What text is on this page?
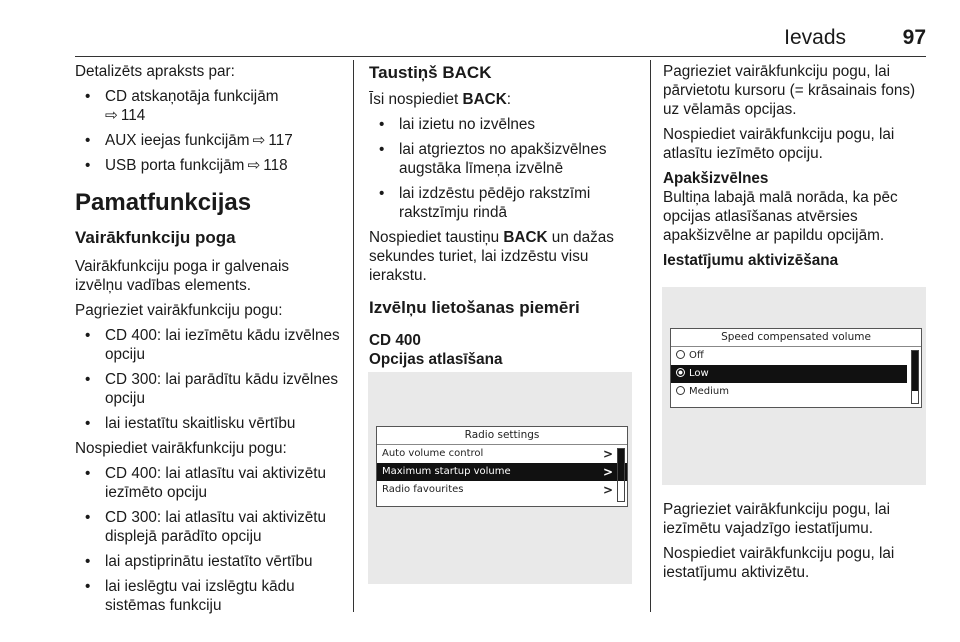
Ievads	97

Detalizēts apraksts par:

• CD atskaņotāja funkcijām
⇨ 114
• AUX ieejas funkcijām ⇨ 117
• USB porta funkcijām ⇨ 118
Pamatfunkcijas
Vairākfunkciju poga

Vairākfunkciju poga ir galvenais izvēlņu vadības elements.

Pagrieziet vairākfunkciju pogu:

• CD 400: lai iezīmētu kādu izvēlnes opciju
• CD 300: lai parādītu kādu izvēlnes opciju
• lai iestatītu skaitlisku vērtību

Nospiediet vairākfunkciju pogu:

• CD 400: lai atlasītu vai aktivizētu iezīmēto opciju
• CD 300: lai atlasītu vai aktivizētu displejā parādīto opciju
• lai apstiprinātu iestatīto vērtību
• lai ieslēgtu vai izslēgtu kādu sistēmas funkciju
Taustiņš BACK

Īsi nospiediet BACK:

• lai izietu no izvēlnes
• lai atgrieztos no apakšizvēlnes augstāka līmeņa izvēlnē
• lai izdzēstu pēdējo rakstzīmi rakstzīmju rindā

Nospiediet taustiņu BACK un dažas sekundes turiet, lai izdzēstu visu ierakstu.

Izvēlņu lietošanas piemēri
CD 400
Opcijas atlasīšana
Radio settings
Auto volume control	>
Maximum startup volume	>
Radio favourites	>

Pagrieziet vairākfunkciju pogu, lai pārvietotu kursoru (= krāsainais fons) uz vēlamās opcijas.

Nospiediet vairākfunkciju pogu, lai atlasītu iezīmēto opciju.

Apakšizvēlnes

Bultiņa labajā malā norāda, ka pēc opcijas atlasīšanas atvērsies apakšizvēlne ar papildu opcijām.

Iestatījumu aktivizēšana
Speed compensated volume
Off
Low
Medium

Pagrieziet vairākfunkciju pogu, lai iezīmētu vajadzīgo iestatījumu.

Nospiediet vairākfunkciju pogu, lai iestatījumu aktivizētu.
